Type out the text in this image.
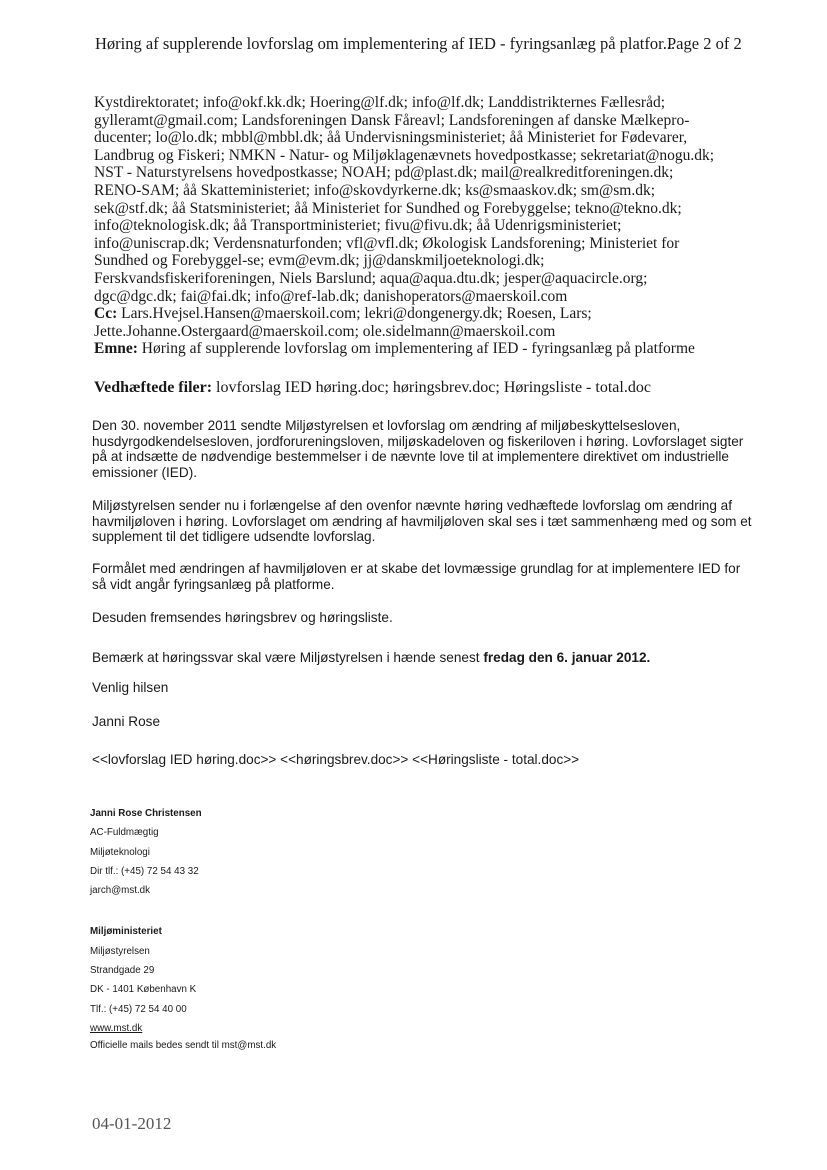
Høring af supplerende lovforslag om implementering af IED - fyringsanlæg på platfor...
Page 2 of 2
Kystdirektoratet; info@okf.kk.dk; Hoering@lf.dk; info@lf.dk; Landdistrikternes Fællesråd;
gylleramt@gmail.com; Landsforeningen Dansk Fåreavl; Landsforeningen af danske Mælkepro-
ducenter; lo@lo.dk; mbbl@mbbl.dk; åå Undervisningsministeriet; åå Ministeriet for Fødevarer,
Landbrug og Fiskeri; NMKN - Natur- og Miljøklagenævnets hovedpostkasse; sekretariat@nogu.dk;
NST - Naturstyrelsens hovedpostkasse; NOAH; pd@plast.dk; mail@realkreditforeningen.dk;
RENO-SAM; åå Skatteministeriet; info@skovdyrkerne.dk; ks@smaaskov.dk; sm@sm.dk;
sek@stf.dk; åå Statsministeriet; åå Ministeriet for Sundhed og Forebyggelse; tekno@tekno.dk;
info@teknologisk.dk; åå Transportministeriet; fivu@fivu.dk; åå Udenrigsministeriet;
info@uniscrap.dk; Verdensnaturfonden; vfl@vfl.dk; Økologisk Landsforening; Ministeriet for
Sundhed og Forebyggel-se; evm@evm.dk; jj@danskmiljoeteknologi.dk;
Ferskvandsfiskeriforeningen, Niels Barslund; aqua@aqua.dtu.dk; jesper@aquacircle.org;
dgc@dgc.dk; fai@fai.dk; info@ref-lab.dk; danishoperators@maerskoil.com
Cc: Lars.Hvejsel.Hansen@maerskoil.com; lekri@dongenergy.dk; Roesen, Lars;
Jette.Johanne.Ostergaard@maerskoil.com; ole.sidelmann@maerskoil.com
Emne: Høring af supplerende lovforslag om implementering af IED - fyringsanlæg på platforme
Vedhæftede filer: lovforslag IED høring.doc; høringsbrev.doc; Høringsliste - total.doc

Den 30. november 2011 sendte Miljøstyrelsen et lovforslag om ændring af miljøbeskyttelsesloven,
husdyrgodkendelsesloven, jordforureningsloven, miljøskadeloven og fiskeriloven i høring. Lovforslaget sigter
på at indsætte de nødvendige bestemmelser i de nævnte love til at implementere direktivet om industrielle
emissioner (IED).

Miljøstyrelsen sender nu i forlængelse af den ovenfor nævnte høring vedhæftede lovforslag om ændring af
havmiljøloven i høring. Lovforslaget om ændring af havmiljøloven skal ses i tæt sammenhæng med og som et
supplement til det tidligere udsendte lovforslag.

Formålet med ændringen af havmiljøloven er at skabe det lovmæssige grundlag for at implementere IED for
så vidt angår fyringsanlæg på platforme.

Desuden fremsendes høringsbrev og høringsliste.

Bemærk at høringssvar skal være Miljøstyrelsen i hænde senest fredag den 6. januar 2012.

Venlig hilsen

Janni Rose

<<lovforslag IED høring.doc>> <<høringsbrev.doc>> <<Høringsliste - total.doc>>

Janni Rose Christensen
AC-Fuldmægtig
Miljøteknologi
Dir tlf.: (+45) 72 54 43 32
jarch@mst.dk
Miljøministeriet
Miljøstyrelsen
Strandgade 29
DK - 1401 København K
Tlf.: (+45) 72 54 40 00
www.mst.dk
Officielle mails bedes sendt til mst@mst.dk
04-01-2012
